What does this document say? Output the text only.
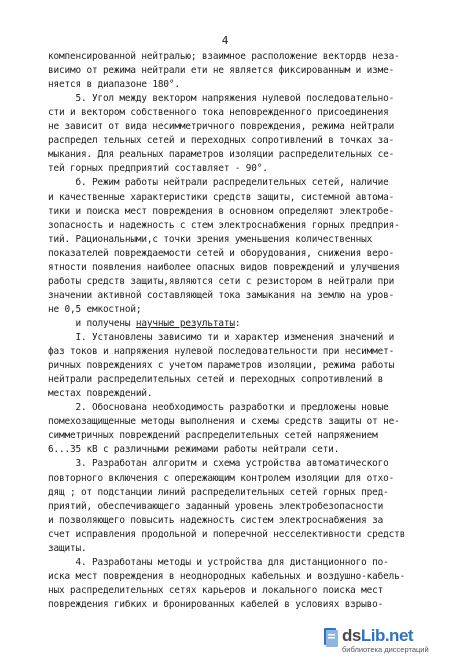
4
компенсированной нейтралью; взаимное расположение вектордв неза-
висимо от режима нейтрали ети не является фиксированным и изме-
няется в диапазоне 180°.
5. Угол между вектором напряжения нулевой последовательно-
сти и вектором собственного тока неповрежденного присоединения
не зависит от вида несимметричного повреждения, режима нейтрали
распредел тельных сетей и переходных сопротивлений в точках за-
мыкания. Для реальных параметров изоляции распределительных се-
тей горных предприятий составляет - 90°.
б. Режим работы нейтрали распределительных сетей, наличие
и качественные характеристики средств защиты, системной автома-
тики и поиска мест повреждения в основном определяют электробе-
зопасность и надежность с стем электроснабжения горных предприя-
тий. Рациональными,с точки зрения уменьшения количественных
показателей повреждаемости сетей и оборудования, снижения веро-
ятности появления наиболее опасных видов повреждений и улучшения
работы средств защиты,являются сети с резистором в нейтрали при
значении активной составляющей тока замыкания на землю на уров-
не 0,5 емкостной;
и получены научные результаты:
I. Установлены зависимо ти и характер изменения значений и
фаз токов и напряжения нулевой последовательности при несиммет-
ричных повреждениях с учетом параметров изоляции, режима работы
нейтрали распределительных сетей и переходных сопротивлений в
местах повреждений.
2. Обоснована необходимость разработки и предложены новые
помехозащищенные методы выполнения и схемы средств защиты от не-
симметричных повреждений распределительных сетей напряжением
6...35 кВ с различными режимами работы нейтрали сети.
3. Разработан алгоритм и схема устройства автоматического
повторного включения с опережающим контролем изоляции для отхо-
дящ ; от подстанции линий распределительных сетей горных пред-
приятий, обеспечивающего заданный уровень электробезопасности
и позволяющего повысить надежность систем электроснабжения за
счет исправления продольной и поперечной несселективности средств
защиты.
4. Разработаны методы и устройства для дистанционного по-
иска мест повреждения в неоднородных кабельных и воздушно-кабель-
ных распределительных сетях карьеров и локального поиска мест
повреждения гибких и бронированных кабелей в условиях взрыво-
dsLib.net
библиотека диссертаций
